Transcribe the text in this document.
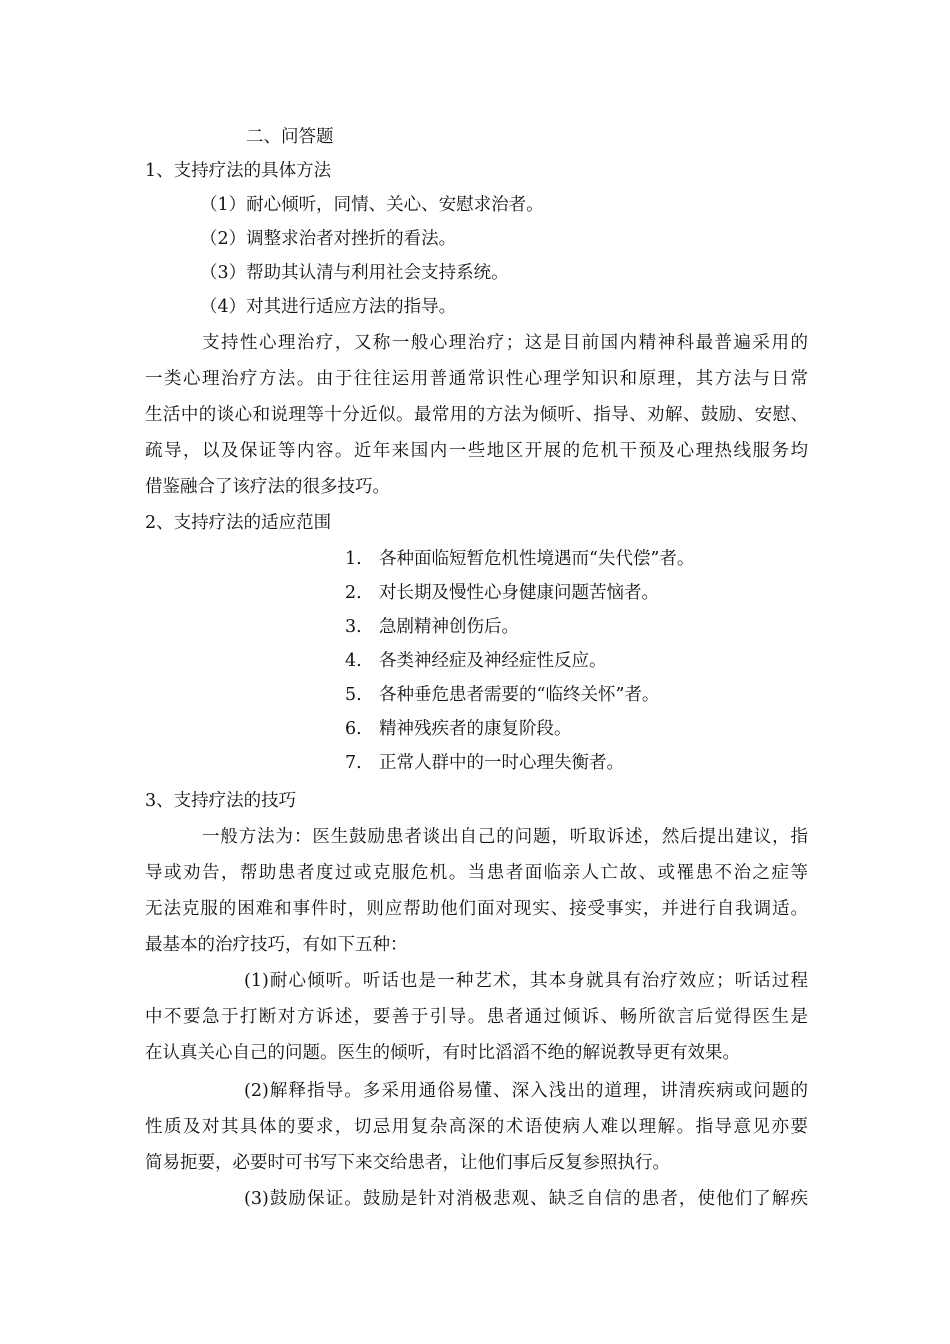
二、问答题
1、支持疗法的具体方法
（1）耐心倾听，同情、关心、安慰求治者。
（2）调整求治者对挫折的看法。
（3）帮助其认清与利用社会支持系统。
（4）对其进行适应方法的指导。
支持性心理治疗，又称一般心理治疗；这是目前国内精神科最普遍采用的
一类心理治疗方法。由于往往运用普通常识性心理学知识和原理，其方法与日常
生活中的谈心和说理等十分近似。最常用的方法为倾听、指导、劝解、鼓励、安慰、
疏导，以及保证等内容。近年来国内一些地区开展的危机干预及心理热线服务均
借鉴融合了该疗法的很多技巧。
2、支持疗法的适应范围
1. 各种面临短暂危机性境遇而“失代偿”者。
2. 对长期及慢性心身健康问题苦恼者。
3. 急剧精神创伤后。
4. 各类神经症及神经症性反应。
5. 各种垂危患者需要的“临终关怀”者。
6. 精神残疾者的康复阶段。
7. 正常人群中的一时心理失衡者。
3、支持疗法的技巧
一般方法为：医生鼓励患者谈出自己的问题，听取诉述，然后提出建议，指
导或劝告，帮助患者度过或克服危机。当患者面临亲人亡故、或罹患不治之症等
无法克服的困难和事件时，则应帮助他们面对现实、接受事实，并进行自我调适。
最基本的治疗技巧，有如下五种：
(1)耐心倾听。听话也是一种艺术，其本身就具有治疗效应；听话过程
中不要急于打断对方诉述，要善于引导。患者通过倾诉、畅所欲言后觉得医生是
在认真关心自己的问题。医生的倾听，有时比滔滔不绝的解说教导更有效果。
(2)解释指导。多采用通俗易懂、深入浅出的道理，讲清疾病或问题的
性质及对其具体的要求，切忌用复杂高深的术语使病人难以理解。指导意见亦要
简易扼要，必要时可书写下来交给患者，让他们事后反复参照执行。
(3)鼓励保证。鼓励是针对消极悲观、缺乏自信的患者，使他们了解疾
